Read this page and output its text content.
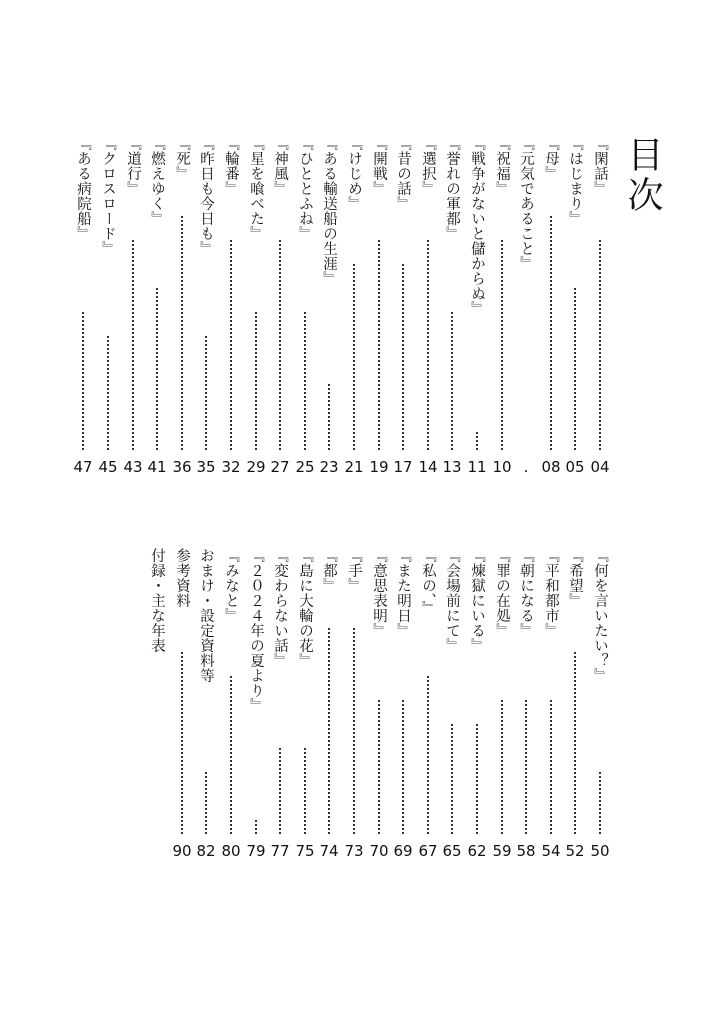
目次
『閑話』
04
『はじまり』
05
『母』
08
『元気であること』
.
『祝福』
10
『戦争がないと儲からぬ』
11
『誉れの軍都』
13
『選択』
14
『昔の話』
17
『開戦』
19
『けじめ』
21
『ある輸送船の生涯』
23
『ひととふね』
25
『神風』
27
『星を喰べた』
29
『輪番』
32
『昨日も今日も』
35
『死』
36
『燃えゆく』
41
『道行』
43
『クロスロード』
45
『ある病院船』
47
『何を言いたい？』
50
『希望』
52
『平和都市』
54
『朝になる』
58
『罪の在処』
59
『煉獄にいる』
62
『会場前にて』
65
『私の、』
67
『また明日』
69
『意思表明』
70
『手』
73
『都』
74
『島に大輪の花』
75
『変わらない話』
77
『２０２４年の夏より』
79
『みなと』
80
おまけ・設定資料等
82
参考資料
90
付録・主な年表
